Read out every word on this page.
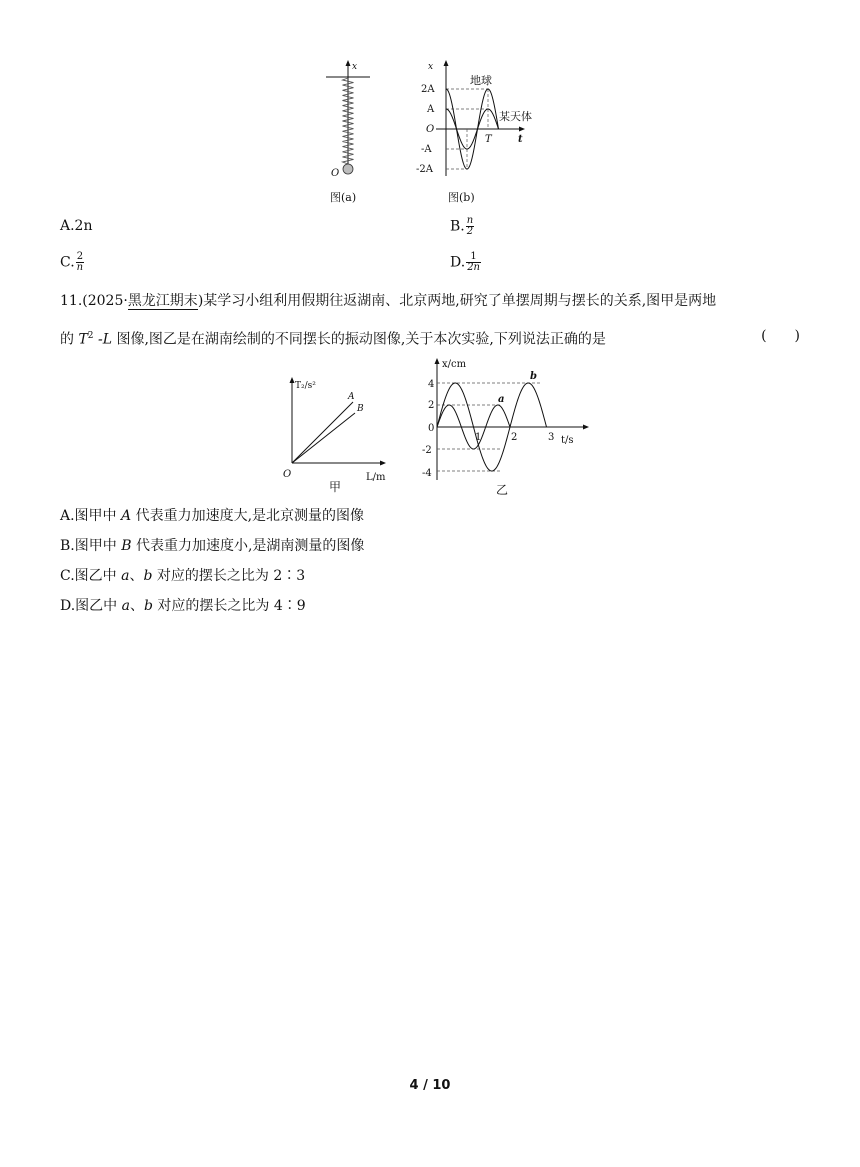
x
O
图(a)
x
t
2A
A
O
-A
-2A
T
地球
某天体
图(b)
A.2n	B. $\frac{n}{2}$
C. $\frac{2}{n}$	D. $\frac{1}{2n}$
11.(2025·黑龙江期末)某学习小组利用假期往返湖南、北京两地,研究了单摆周期与摆长的关系,图甲是两地
的 $T^2$ -L 图像,图乙是在湖南绘制的不同摆长的振动图像,关于本次实验,下列说法正确的是	(　　)
T₂/s²
L/m
O
A
B
甲
x/cm
t/s
4
2
0
-2
-4
1	2	3
a
b
乙
A.图甲中 A 代表重力加速度大,是北京测量的图像
B.图甲中 B 代表重力加速度小,是湖南测量的图像
C.图乙中 a、b 对应的摆长之比为 2∶3
D.图乙中 a、b 对应的摆长之比为 4∶9
4 / 10
